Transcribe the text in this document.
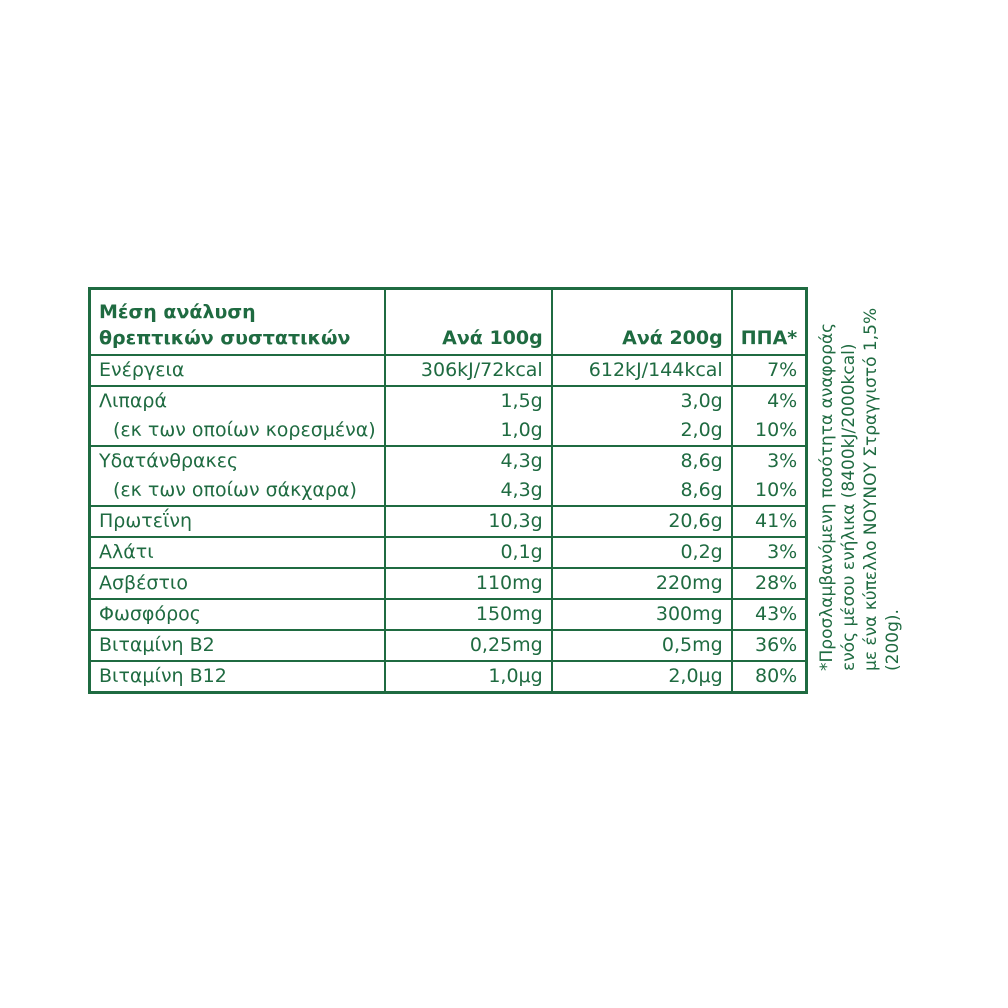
Μέση ανάλυση
θρεπτικών συστατικών	Ανά 100g	Ανά 200g	ΠΠΑ*
Ενέργεια	306kJ/72kcal	612kJ/144kcal	7%
Λιπαρά	1,5g	3,0g	4%
(εκ των οποίων κορεσμένα)	1,0g	2,0g	10%
Υδατάνθρακες	4,3g	8,6g	3%
(εκ των οποίων σάκχαρα)	4,3g	8,6g	10%
Πρωτεΐνη	10,3g	20,6g	41%
Αλάτι	0,1g	0,2g	3%
Ασβέστιο	110mg	220mg	28%
Φωσφόρος	150mg	300mg	43%
Βιταμίνη Β2	0,25mg	0,5mg	36%
Βιταμίνη Β12	1,0μg	2,0μg	80%
*Προσλαμβανόμενη ποσότητα αναφοράς ενός μέσου ενήλικα (8400kJ/2000kcal) με ένα κύπελλο ΝΟΥΝΟΥ Στραγγιστό 1,5% (200g).
